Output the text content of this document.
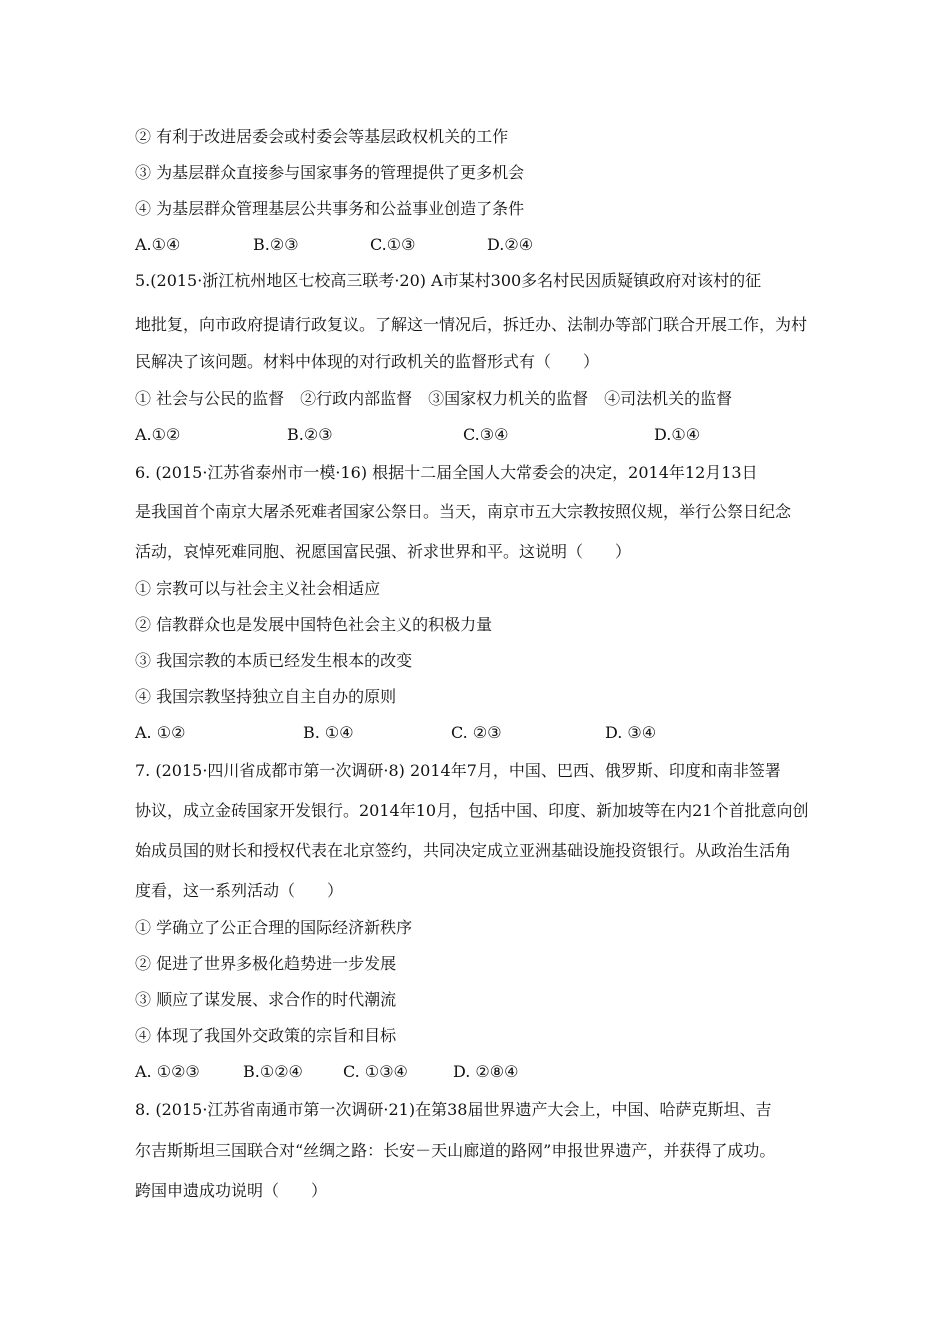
② 有利于改进居委会或村委会等基层政权机关的工作
③ 为基层群众直接参与国家事务的管理提供了更多机会
④ 为基层群众管理基层公共事务和公益事业创造了条件
A.①④	B.②③	C.①③	D.②④
5.(2015·浙江杭州地区七校高三联考·20) A市某村300多名村民因质疑镇政府对该村的征
地批复，向市政府提请行政复议。了解这一情况后，拆迁办、法制办等部门联合开展工作，为村
民解决了该问题。材料中体现的对行政机关的监督形式有（　　）
① 社会与公民的监督　②行政内部监督　③国家权力机关的监督　④司法机关的监督
A.①②	B.②③	C.③④	D.①④
6. (2015·江苏省泰州市一模·16) 根据十二届全国人大常委会的决定，2014年12月13日
是我国首个南京大屠杀死难者国家公祭日。当天，南京市五大宗教按照仪规，举行公祭日纪念
活动，哀悼死难同胞、祝愿国富民强、祈求世界和平。这说明（　　）
① 宗教可以与社会主义社会相适应
② 信教群众也是发展中国特色社会主义的积极力量
③ 我国宗教的本质已经发生根本的改变
④ 我国宗教坚持独立自主自办的原则
A. ①②	B. ①④	C. ②③	D. ③④
7. (2015·四川省成都市第一次调研·8) 2014年7月，中国、巴西、俄罗斯、印度和南非签署
协议，成立金砖国家开发银行。2014年10月，包括中国、印度、新加坡等在内21个首批意向创
始成员国的财长和授权代表在北京签约，共同决定成立亚洲基础设施投资银行。从政治生活角
度看，这一系列活动（　　）
① 学确立了公正合理的国际经济新秩序
② 促进了世界多极化趋势进一步发展
③ 顺应了谋发展、求合作的时代潮流
④ 体现了我国外交政策的宗旨和目标
A. ①②③	B.①②④	C. ①③④	D. ②⑧④
8. (2015·江苏省南通市第一次调研·21)在第38届世界遗产大会上，中国、哈萨克斯坦、吉
尔吉斯斯坦三国联合对“丝绸之路：长安－天山廊道的路网”申报世界遗产，并获得了成功。
跨国申遗成功说明（　　）
